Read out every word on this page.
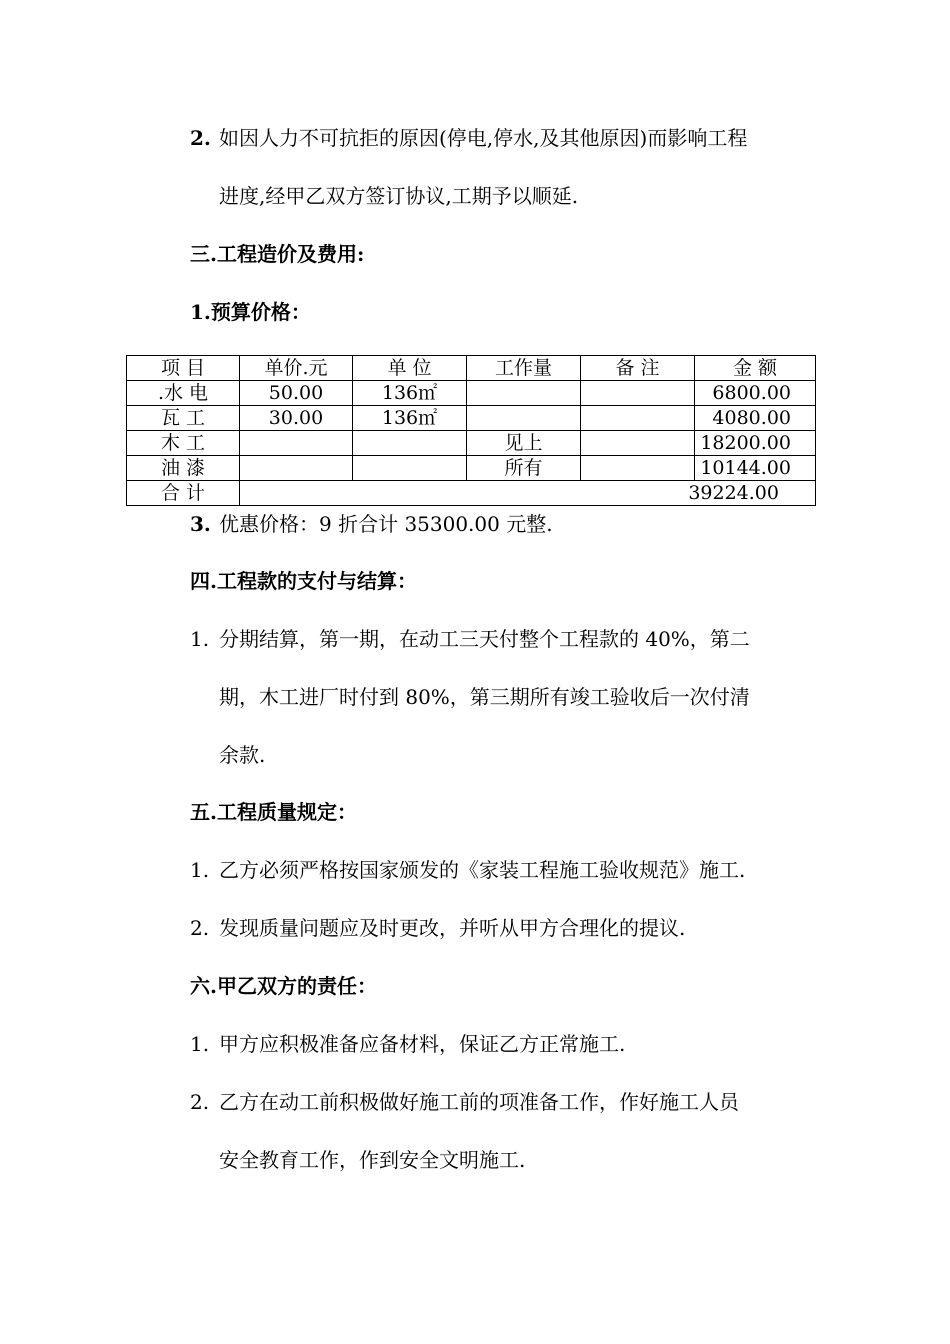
2. 如因人力不可抗拒的原因(停电,停水,及其他原因)而影响工程
进度,经甲乙双方签订协议,工期予以顺延.
三.工程造价及费用:
1.预算价格：
项 目	单价.元	单 位	工作量	备 注	金 额
.水 电	50.00	136㎡			6800.00
瓦 工	30.00	136㎡			4080.00
木 工			见上		18200.00
油 漆			所有		10144.00
合 计	39224.00				
3. 优惠价格：9 折合计 35300.00 元整.
四.工程款的支付与结算：
1. 分期结算，第一期，在动工三天付整个工程款的 40%，第二
期，木工进厂时付到 80%，第三期所有竣工验收后一次付清
余款.
五.工程质量规定：
1. 乙方必须严格按国家颁发的《家装工程施工验收规范》施工.
2. 发现质量问题应及时更改，并听从甲方合理化的提议.
六.甲乙双方的责任：
1. 甲方应积极准备应备材料，保证乙方正常施工.
2. 乙方在动工前积极做好施工前的项准备工作，作好施工人员
安全教育工作，作到安全文明施工.
